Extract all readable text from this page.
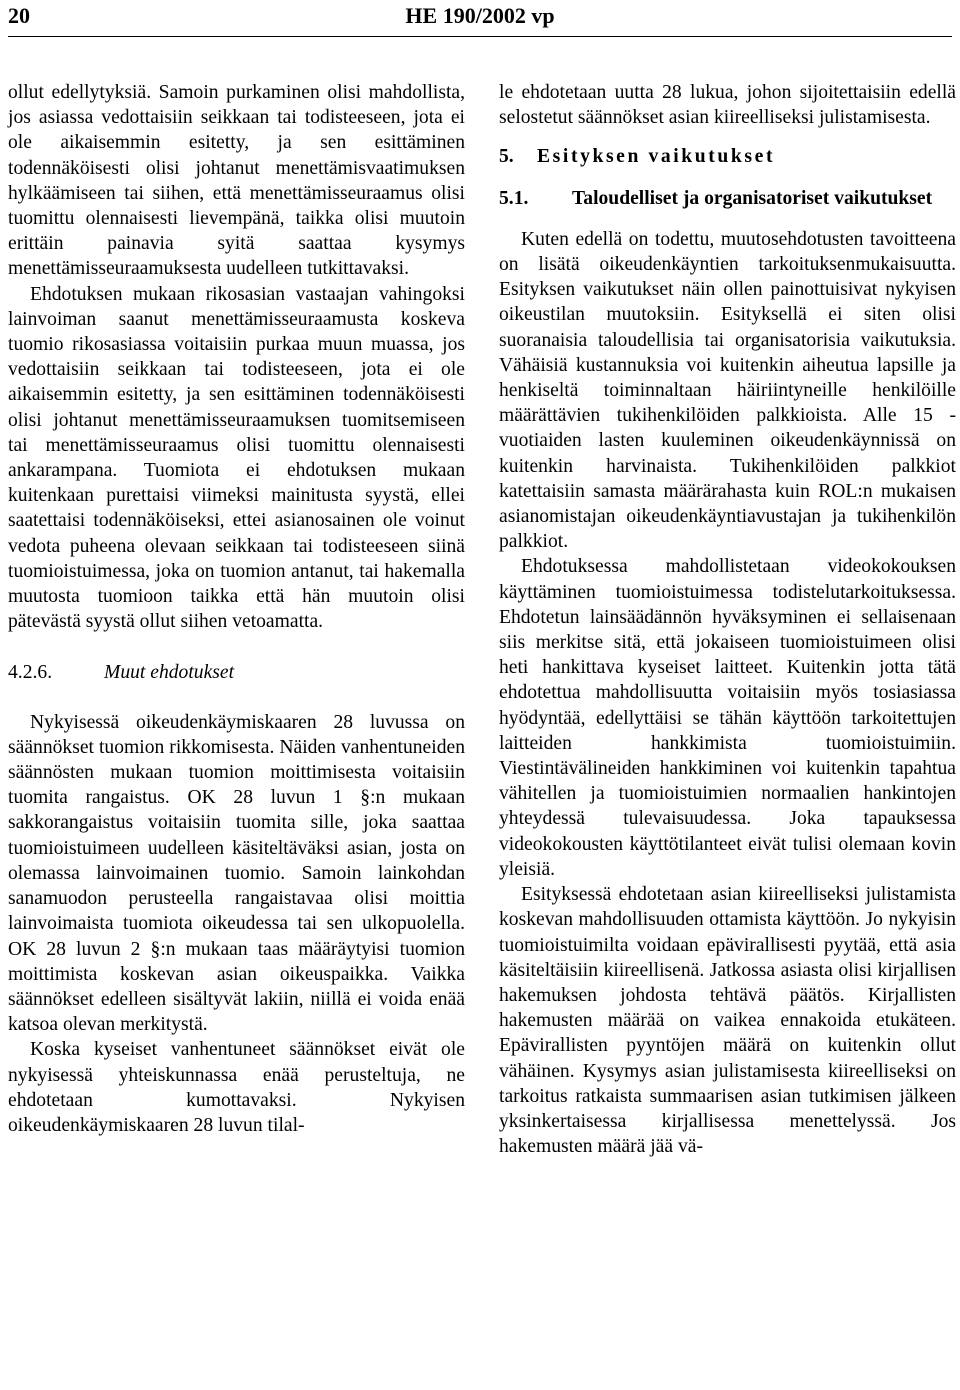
20	HE 190/2002 vp

ollut edellytyksiä. Samoin purkaminen olisi mahdollista, jos asiassa vedottaisiin seikkaan tai todisteeseen, jota ei ole aikaisemmin esitetty, ja sen esittäminen todennäköisesti olisi johtanut menettämisvaatimuksen hylkäämiseen tai siihen, että menettämisseuraamus olisi tuomittu olennaisesti lievempänä, taikka olisi muutoin erittäin painavia syitä saattaa kysymys menettämisseuraamuksesta uudelleen tutkittavaksi.

Ehdotuksen mukaan rikosasian vastaajan vahingoksi lainvoiman saanut menettämisseuraamusta koskeva tuomio rikosasiassa voitaisiin purkaa muun muassa, jos vedottaisiin seikkaan tai todisteeseen, jota ei ole aikaisemmin esitetty, ja sen esittäminen todennäköisesti olisi johtanut menettämisseuraamuksen tuomitsemiseen tai menettämisseuraamus olisi tuomittu olennaisesti ankarampana. Tuomiota ei ehdotuksen mukaan kuitenkaan purettaisi viimeksi mainitusta syystä, ellei saatettaisi todennäköiseksi, ettei asianosainen ole voinut vedota puheena olevaan seikkaan tai todisteeseen siinä tuomioistuimessa, joka on tuomion antanut, tai hakemalla muutosta tuomioon taikka että hän muutoin olisi pätevästä syystä ollut siihen vetoamatta.

4.2.6.	Muut ehdotukset

Nykyisessä oikeudenkäymiskaaren 28 luvussa on säännökset tuomion rikkomisesta. Näiden vanhentuneiden säännösten mukaan tuomion moittimisesta voitaisiin tuomita rangaistus. OK 28 luvun 1 §:n mukaan sakkorangaistus voitaisiin tuomita sille, joka saattaa tuomioistuimeen uudelleen käsiteltäväksi asian, josta on olemassa lainvoimainen tuomio. Samoin lainkohdan sanamuodon perusteella rangaistavaa olisi moittia lainvoimaista tuomiota oikeudessa tai sen ulkopuolella. OK 28 luvun 2 §:n mukaan taas määräytyisi tuomion moittimista koskevan asian oikeuspaikka. Vaikka säännökset edelleen sisältyvät lakiin, niillä ei voida enää katsoa olevan merkitystä.

Koska kyseiset vanhentuneet säännökset eivät ole nykyisessä yhteiskunnassa enää perusteltuja, ne ehdotetaan kumottavaksi. Nykyisen oikeudenkäymiskaaren 28 luvun tilal-

le ehdotetaan uutta 28 lukua, johon sijoitettaisiin edellä selostetut säännökset asian kiireelliseksi julistamisesta.

5. Esityksen vaikutukset

5.1.	Taloudelliset ja organisatoriset vaikutukset

Kuten edellä on todettu, muutosehdotusten tavoitteena on lisätä oikeudenkäyntien tarkoituksenmukaisuutta. Esityksen vaikutukset näin ollen painottuisivat nykyisen oikeustilan muutoksiin. Esityksellä ei siten olisi suoranaisia taloudellisia tai organisatorisia vaikutuksia. Vähäisiä kustannuksia voi kuitenkin aiheutua lapsille ja henkiseltä toiminnaltaan häiriintyneille henkilöille määrättävien tukihenkilöiden palkkioista. Alle 15 -vuotiaiden lasten kuuleminen oikeudenkäynnissä on kuitenkin harvinaista. Tukihenkilöiden palkkiot katettaisiin samasta määrärahasta kuin ROL:n mukaisen asianomistajan oikeudenkäyntiavustajan ja tukihenkilön palkkiot.

Ehdotuksessa mahdollistetaan videokokouksen käyttäminen tuomioistuimessa todistelutarkoituksessa. Ehdotetun lainsäädännön hyväksyminen ei sellaisenaan siis merkitse sitä, että jokaiseen tuomioistuimeen olisi heti hankittava kyseiset laitteet. Kuitenkin jotta tätä ehdotettua mahdollisuutta voitaisiin myös tosiasiassa hyödyntää, edellyttäisi se tähän käyttöön tarkoitettujen laitteiden hankkimista tuomioistuimiin. Viestintävälineiden hankkiminen voi kuitenkin tapahtua vähitellen ja tuomioistuimien normaalien hankintojen yhteydessä tulevaisuudessa. Joka tapauksessa videokokousten käyttötilanteet eivät tulisi olemaan kovin yleisiä.

Esityksessä ehdotetaan asian kiireelliseksi julistamista koskevan mahdollisuuden ottamista käyttöön. Jo nykyisin tuomioistuimilta voidaan epävirallisesti pyytää, että asia käsiteltäisiin kiireellisenä. Jatkossa asiasta olisi kirjallisen hakemuksen johdosta tehtävä päätös. Kirjallisten hakemusten määrää on vaikea ennakoida etukäteen. Epävirallisten pyyntöjen määrä on kuitenkin ollut vähäinen. Kysymys asian julistamisesta kiireelliseksi on tarkoitus ratkaista summaarisen asian tutkimisen jälkeen yksinkertaisessa kirjallisessa menettelyssä. Jos hakemusten määrä jää vä-
